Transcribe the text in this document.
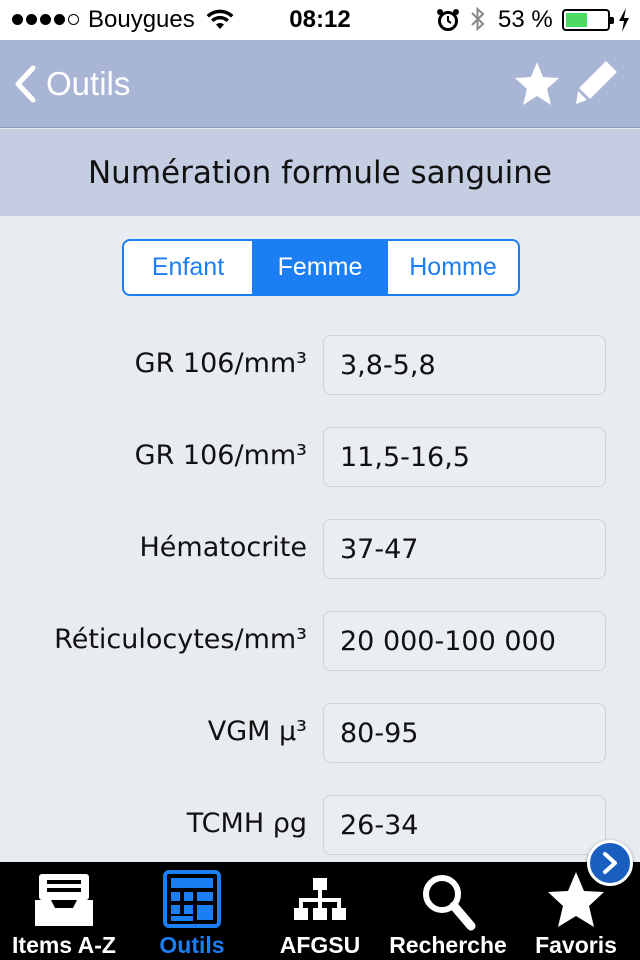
Bouygues	08:12	53 %
Outils
Numération formule sanguine
Enfant	Femme	Homme
GR 106/mm³	3,8-5,8
GR 106/mm³	11,5-16,5
Hématocrite	37-47
Réticulocytes/mm³	20 000-100 000
VGM µ³	80-95
TCMH ρg	26-34
Items A-Z	Outils	AFGSU	Recherche	Favoris
